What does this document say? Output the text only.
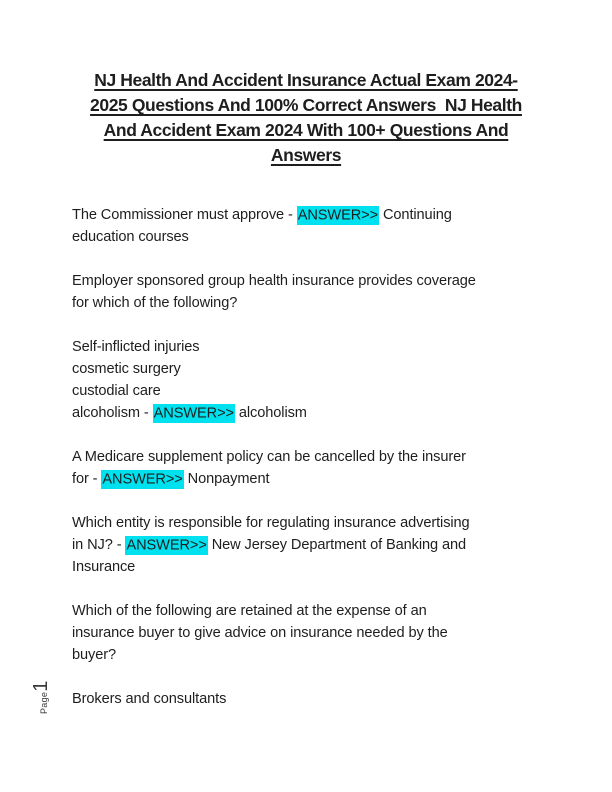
NJ Health And Accident Insurance Actual Exam 2024-
2025 Questions And 100% Correct Answers  NJ Health
And Accident Exam 2024 With 100+ Questions And
Answers
The Commissioner must approve - ANSWER>> Continuing
education courses
Employer sponsored group health insurance provides coverage
for which of the following?
Self-inflicted injuries
cosmetic surgery
custodial care
alcoholism - ANSWER>> alcoholism
A Medicare supplement policy can be cancelled by the insurer
for - ANSWER>> Nonpayment
Which entity is responsible for regulating insurance advertising
in NJ? - ANSWER>> New Jersey Department of Banking and
Insurance
Which of the following are retained at the expense of an
insurance buyer to give advice on insurance needed by the
buyer?
Brokers and consultants
Page1
